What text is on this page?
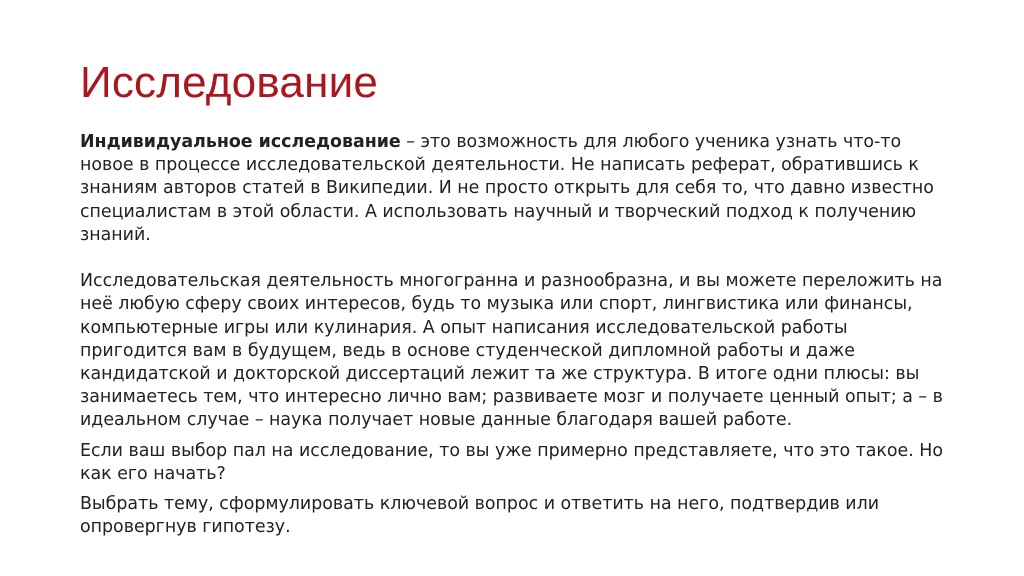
Исследование

Индивидуальное исследование – это возможность для любого ученика узнать что-то новое в процессе исследовательской деятельности. Не написать реферат, обратившись к знаниям авторов статей в Википедии. И не просто открыть для себя то, что давно известно специалистам в этой области. А использовать научный и творческий подход к получению знаний.

Исследовательская деятельность многогранна и разнообразна, и вы можете переложить на неё любую сферу своих интересов, будь то музыка или спорт, лингвистика или финансы, компьютерные игры или кулинария. А опыт написания исследовательской работы пригодится вам в будущем, ведь в основе студенческой дипломной работы и даже кандидатской и докторской диссертаций лежит та же структура. В итоге одни плюсы: вы занимаетесь тем, что интересно лично вам; развиваете мозг и получаете ценный опыт; а – в идеальном случае – наука получает новые данные благодаря вашей работе.

Если ваш выбор пал на исследование, то вы уже примерно представляете, что это такое. Но как его начать?

Выбрать тему, сформулировать ключевой вопрос и ответить на него, подтвердив или опровергнув гипотезу.
